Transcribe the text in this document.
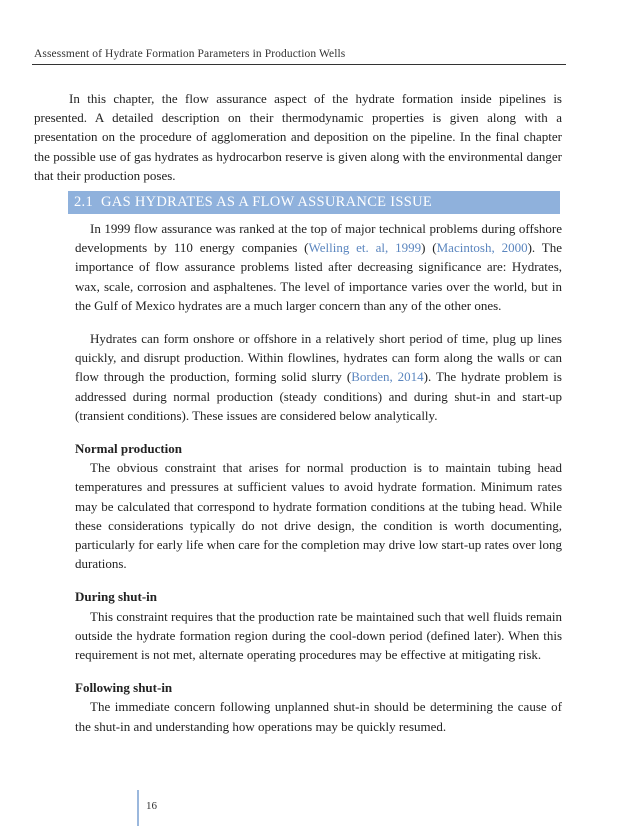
Assessment of Hydrate Formation Parameters in Production Wells

In this chapter, the flow assurance aspect of the hydrate formation inside pipelines is presented. A detailed description on their thermodynamic properties is given along with a presentation on the procedure of agglomeration and deposition on the pipeline. In the final chapter the possible use of gas hydrates as hydrocarbon reserve is given along with the environmental danger that their production poses.

2.1 GAS HYDRATES AS A FLOW ASSURANCE ISSUE

In 1999 flow assurance was ranked at the top of major technical problems during offshore developments by 110 energy companies (Welling et. al, 1999) (Macintosh, 2000). The importance of flow assurance problems listed after decreasing significance are: Hydrates, wax, scale, corrosion and asphaltenes. The level of importance varies over the world, but in the Gulf of Mexico hydrates are a much larger concern than any of the other ones.

Hydrates can form onshore or offshore in a relatively short period of time, plug up lines quickly, and disrupt production. Within flowlines, hydrates can form along the walls or can flow through the production, forming solid slurry (Borden, 2014). The hydrate problem is addressed during normal production (steady conditions) and during shut-in and start-up (transient conditions). These issues are considered below analytically.

Normal production

The obvious constraint that arises for normal production is to maintain tubing head temperatures and pressures at sufficient values to avoid hydrate formation. Minimum rates may be calculated that correspond to hydrate formation conditions at the tubing head. While these considerations typically do not drive design, the condition is worth documenting, particularly for early life when care for the completion may drive low start-up rates over long durations.

During shut-in

This constraint requires that the production rate be maintained such that well fluids remain outside the hydrate formation region during the cool-down period (defined later). When this requirement is not met, alternate operating procedures may be effective at mitigating risk.

Following shut-in

The immediate concern following unplanned shut-in should be determining the cause of the shut-in and understanding how operations may be quickly resumed.

16
